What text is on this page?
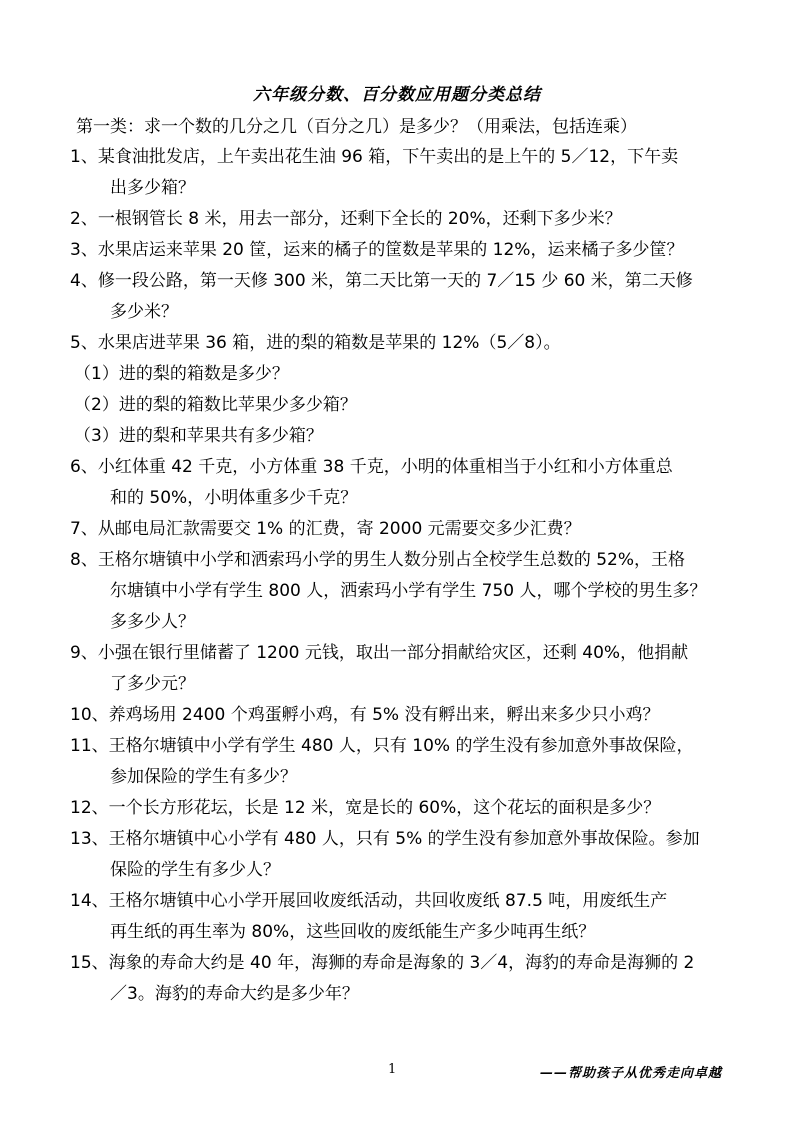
六年级分数、百分数应用题分类总结
第一类：求一个数的几分之几（百分之几）是多少？（用乘法，包括连乘）
1、某食油批发店，上午卖出花生油 96 箱，下午卖出的是上午的 5／12，下午卖
出多少箱？
2、一根钢管长 8 米，用去一部分，还剩下全长的 20%，还剩下多少米？
3、水果店运来苹果 20 筐，运来的橘子的筐数是苹果的 12%，运来橘子多少筐？
4、修一段公路，第一天修 300 米，第二天比第一天的 7／15 少 60 米，第二天修
多少米？
5、水果店进苹果 36 箱，进的梨的箱数是苹果的 12%（5／8）。
（1）进的梨的箱数是多少？
（2）进的梨的箱数比苹果少多少箱？
（3）进的梨和苹果共有多少箱？
6、小红体重 42 千克，小方体重 38 千克，小明的体重相当于小红和小方体重总
和的 50%，小明体重多少千克？
7、从邮电局汇款需要交 1% 的汇费，寄 2000 元需要交多少汇费？
8、王格尔塘镇中小学和洒索玛小学的男生人数分别占全校学生总数的 52%，王格
尔塘镇中小学有学生 800 人，洒索玛小学有学生 750 人，哪个学校的男生多？
多多少人？
9、小强在银行里储蓄了 1200 元钱，取出一部分捐献给灾区，还剩 40%，他捐献
了多少元？
10、养鸡场用 2400 个鸡蛋孵小鸡，有 5% 没有孵出来，孵出来多少只小鸡？
11、王格尔塘镇中小学有学生 480 人，只有 10% 的学生没有参加意外事故保险，
参加保险的学生有多少？
12、一个长方形花坛，长是 12 米，宽是长的 60%，这个花坛的面积是多少？
13、王格尔塘镇中心小学有 480 人，只有 5% 的学生没有参加意外事故保险。参加
保险的学生有多少人？
14、王格尔塘镇中心小学开展回收废纸活动，共回收废纸 87.5 吨，用废纸生产
再生纸的再生率为 80%，这些回收的废纸能生产多少吨再生纸？
15、海象的寿命大约是 40 年，海狮的寿命是海象的 3／4，海豹的寿命是海狮的 2
／3。海豹的寿命大约是多少年？
1	——帮助孩子从优秀走向卓越
